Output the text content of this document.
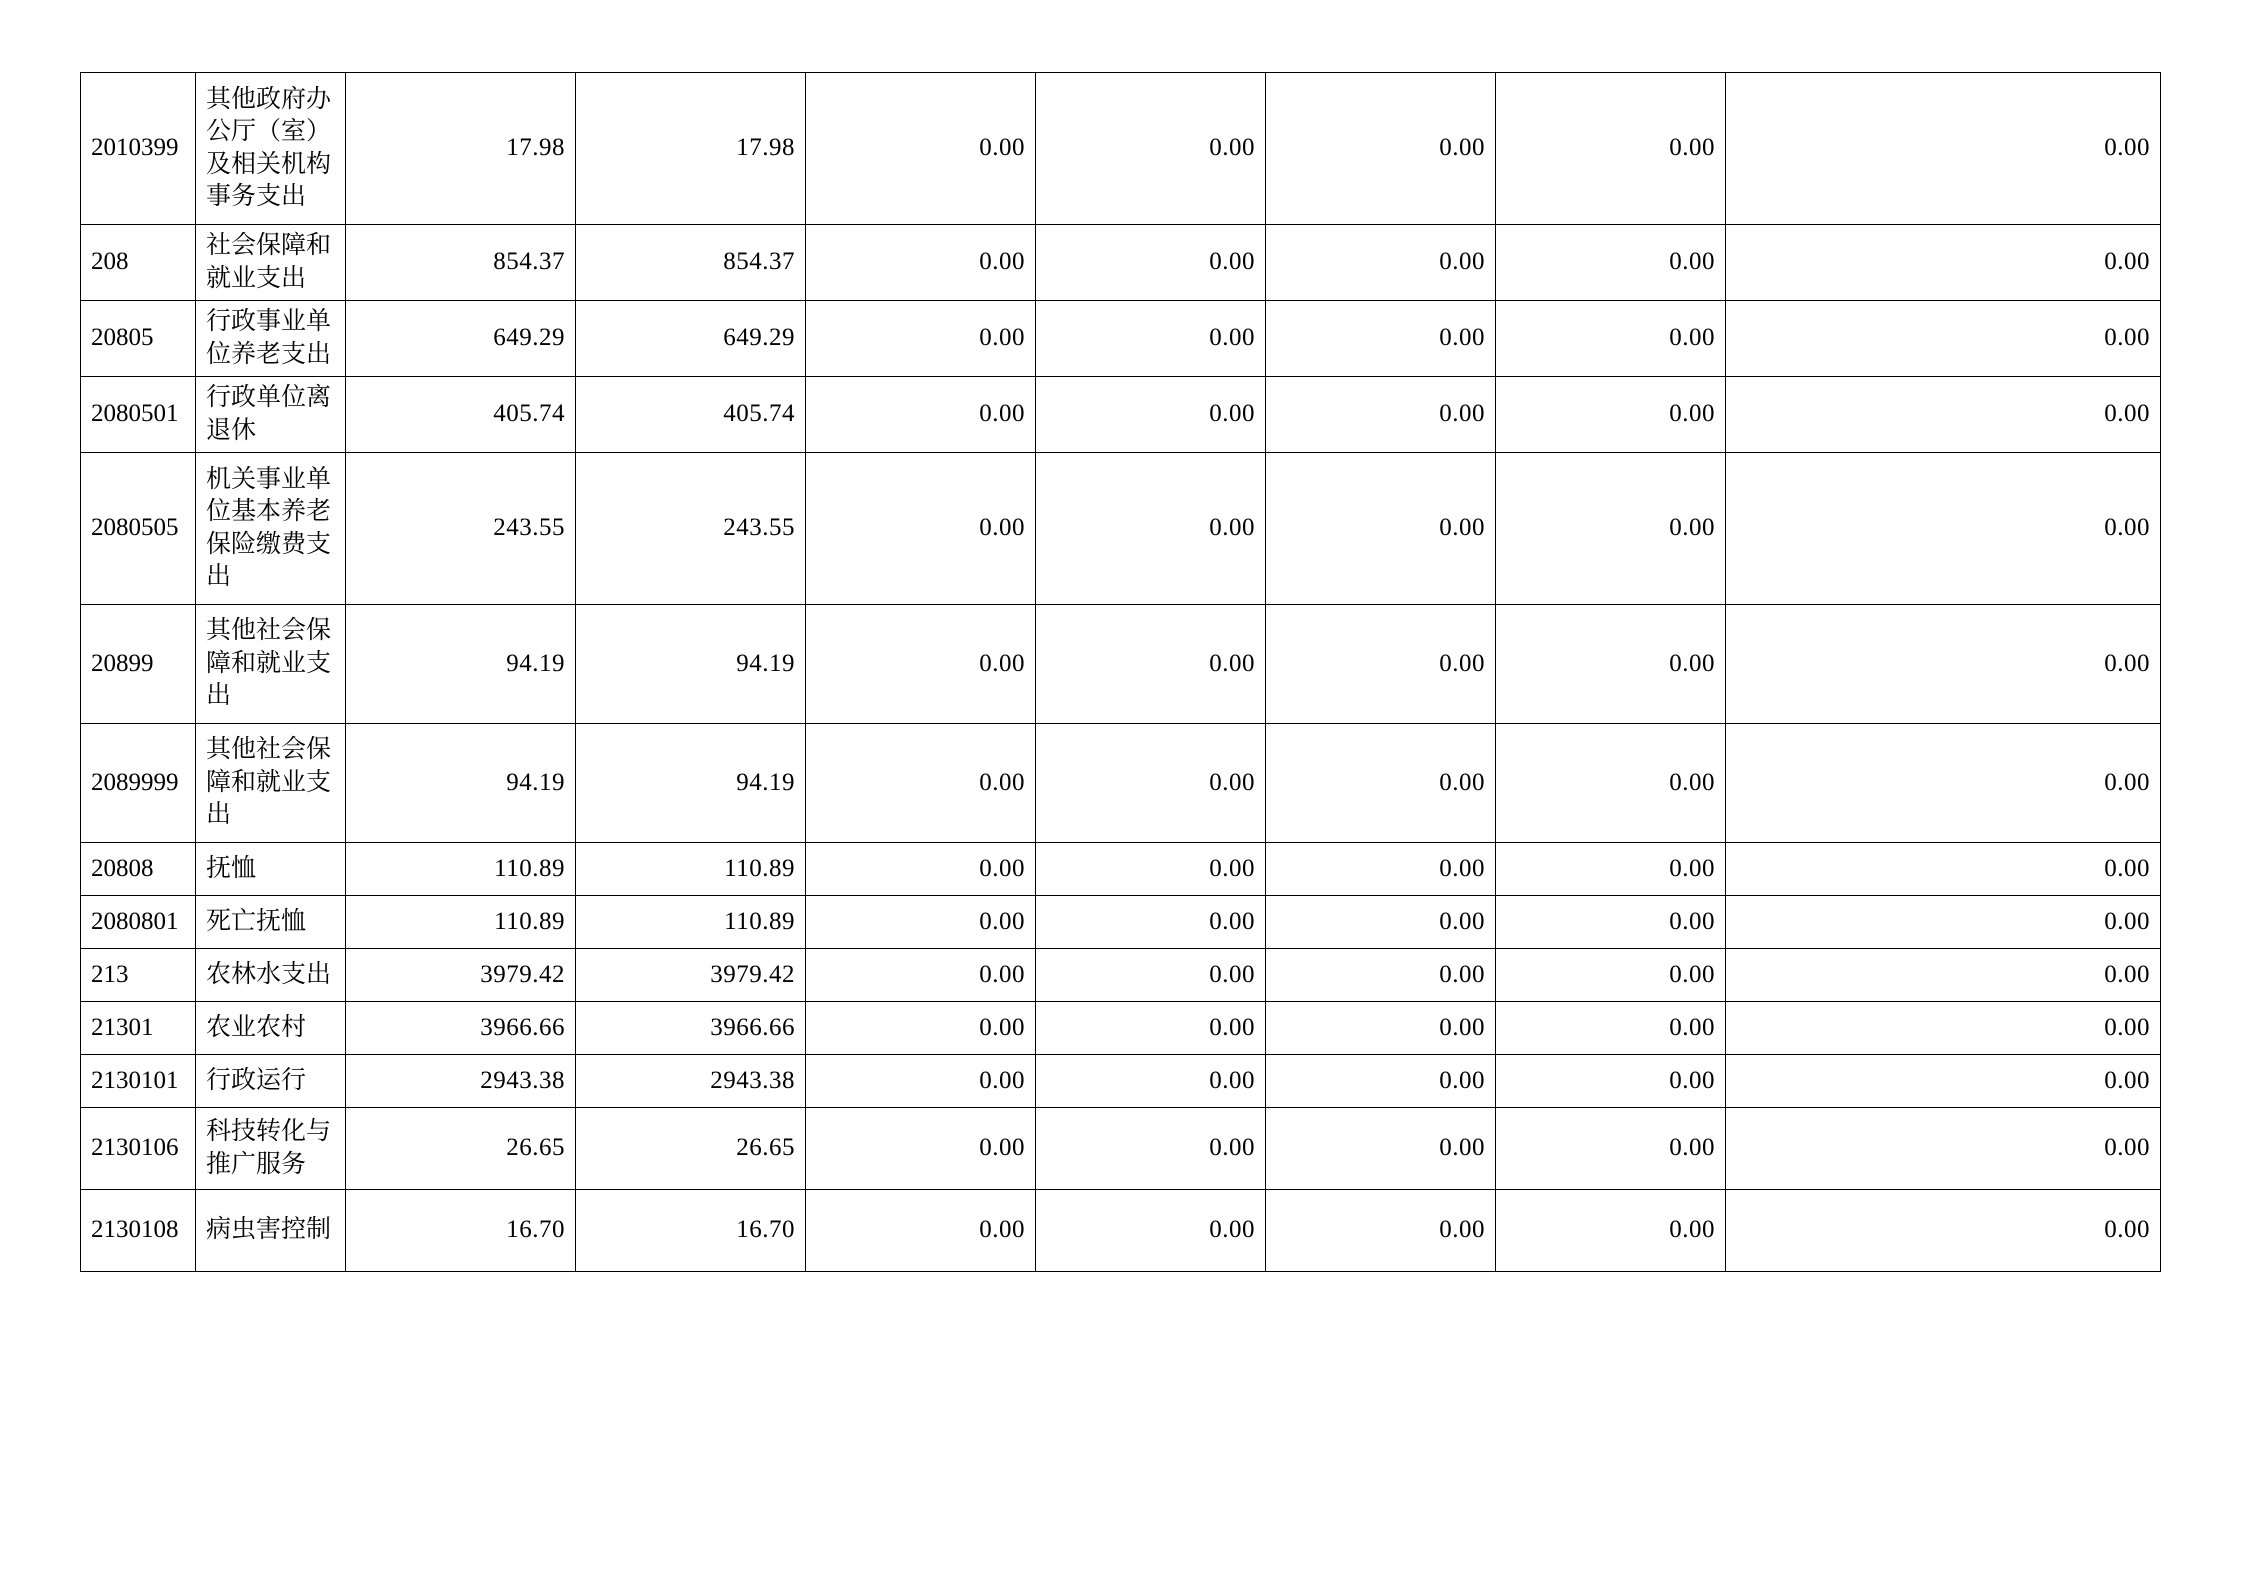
2010399	其他政府办公厅（室）及相关机构事务支出	17.98	17.98	0.00	0.00	0.00	0.00	0.00
208	社会保障和就业支出	854.37	854.37	0.00	0.00	0.00	0.00	0.00
20805	行政事业单位养老支出	649.29	649.29	0.00	0.00	0.00	0.00	0.00
2080501	行政单位离退休	405.74	405.74	0.00	0.00	0.00	0.00	0.00
2080505	机关事业单位基本养老保险缴费支出	243.55	243.55	0.00	0.00	0.00	0.00	0.00
20899	其他社会保障和就业支出	94.19	94.19	0.00	0.00	0.00	0.00	0.00
2089999	其他社会保障和就业支出	94.19	94.19	0.00	0.00	0.00	0.00	0.00
20808	抚恤	110.89	110.89	0.00	0.00	0.00	0.00	0.00
2080801	死亡抚恤	110.89	110.89	0.00	0.00	0.00	0.00	0.00
213	农林水支出	3979.42	3979.42	0.00	0.00	0.00	0.00	0.00
21301	农业农村	3966.66	3966.66	0.00	0.00	0.00	0.00	0.00
2130101	行政运行	2943.38	2943.38	0.00	0.00	0.00	0.00	0.00
2130106	科技转化与推广服务	26.65	26.65	0.00	0.00	0.00	0.00	0.00
2130108	病虫害控制	16.70	16.70	0.00	0.00	0.00	0.00	0.00
